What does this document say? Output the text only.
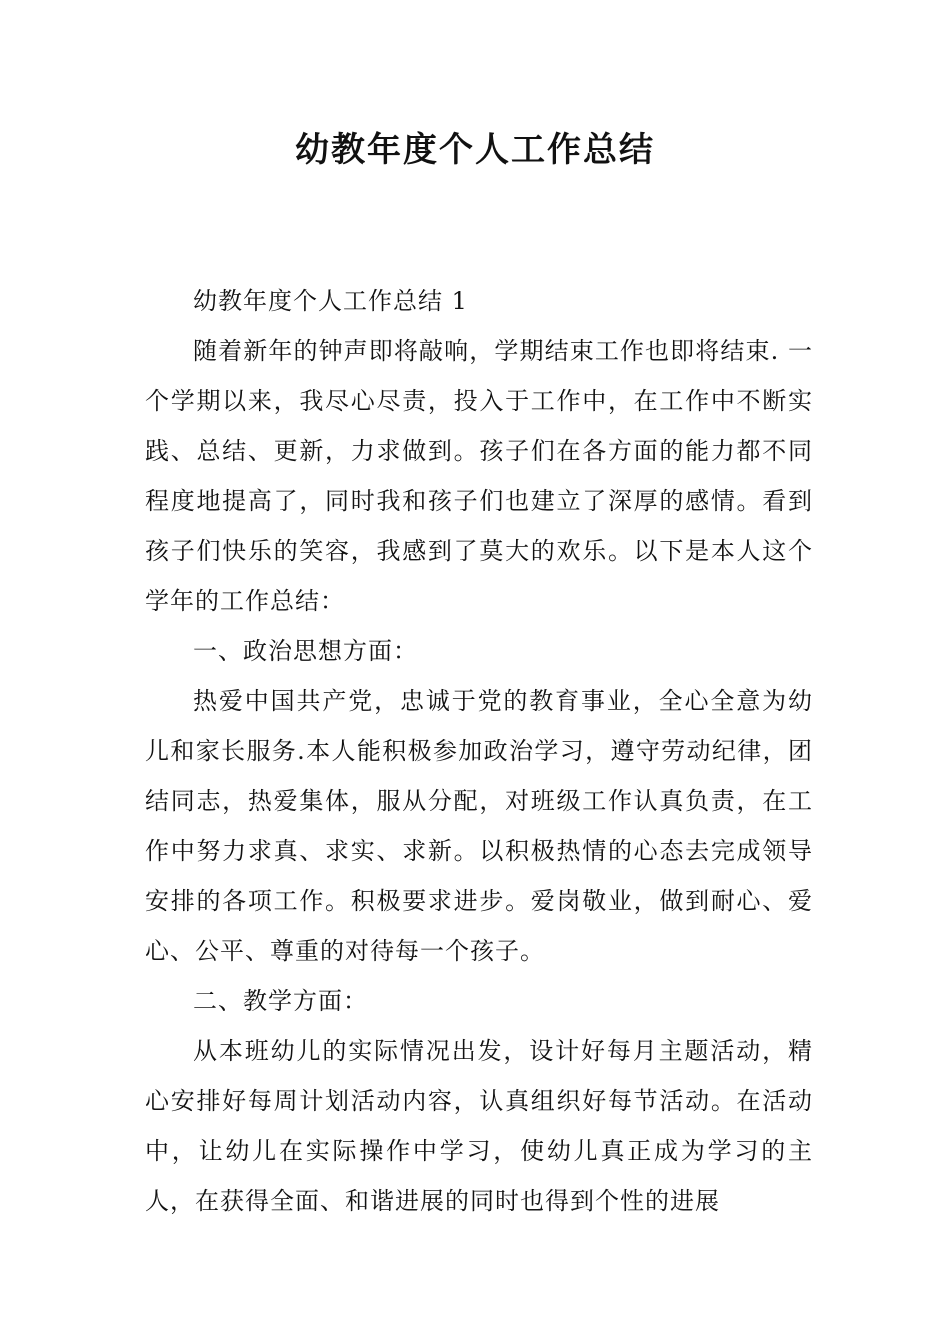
幼教年度个人工作总结

幼教年度个人工作总结 1

随着新年的钟声即将敲响，学期结束工作也即将结束. 一个学期以来，我尽心尽责，投入于工作中，在工作中不断实践、总结、更新，力求做到。孩子们在各方面的能力都不同程度地提高了，同时我和孩子们也建立了深厚的感情。看到孩子们快乐的笑容，我感到了莫大的欢乐。以下是本人这个学年的工作总结：

一、政治思想方面：

热爱中国共产党，忠诚于党的教育事业，全心全意为幼儿和家长服务.本人能积极参加政治学习，遵守劳动纪律，团结同志，热爱集体，服从分配，对班级工作认真负责，在工作中努力求真、求实、求新。以积极热情的心态去完成领导安排的各项工作。积极要求进步。爱岗敬业，做到耐心、爱心、公平、尊重的对待每一个孩子。

二、教学方面：

从本班幼儿的实际情况出发，设计好每月主题活动，精心安排好每周计划活动内容，认真组织好每节活动。在活动中，让幼儿在实际操作中学习，使幼儿真正成为学习的主人，在获得全面、和谐进展的同时也得到个性的进展
